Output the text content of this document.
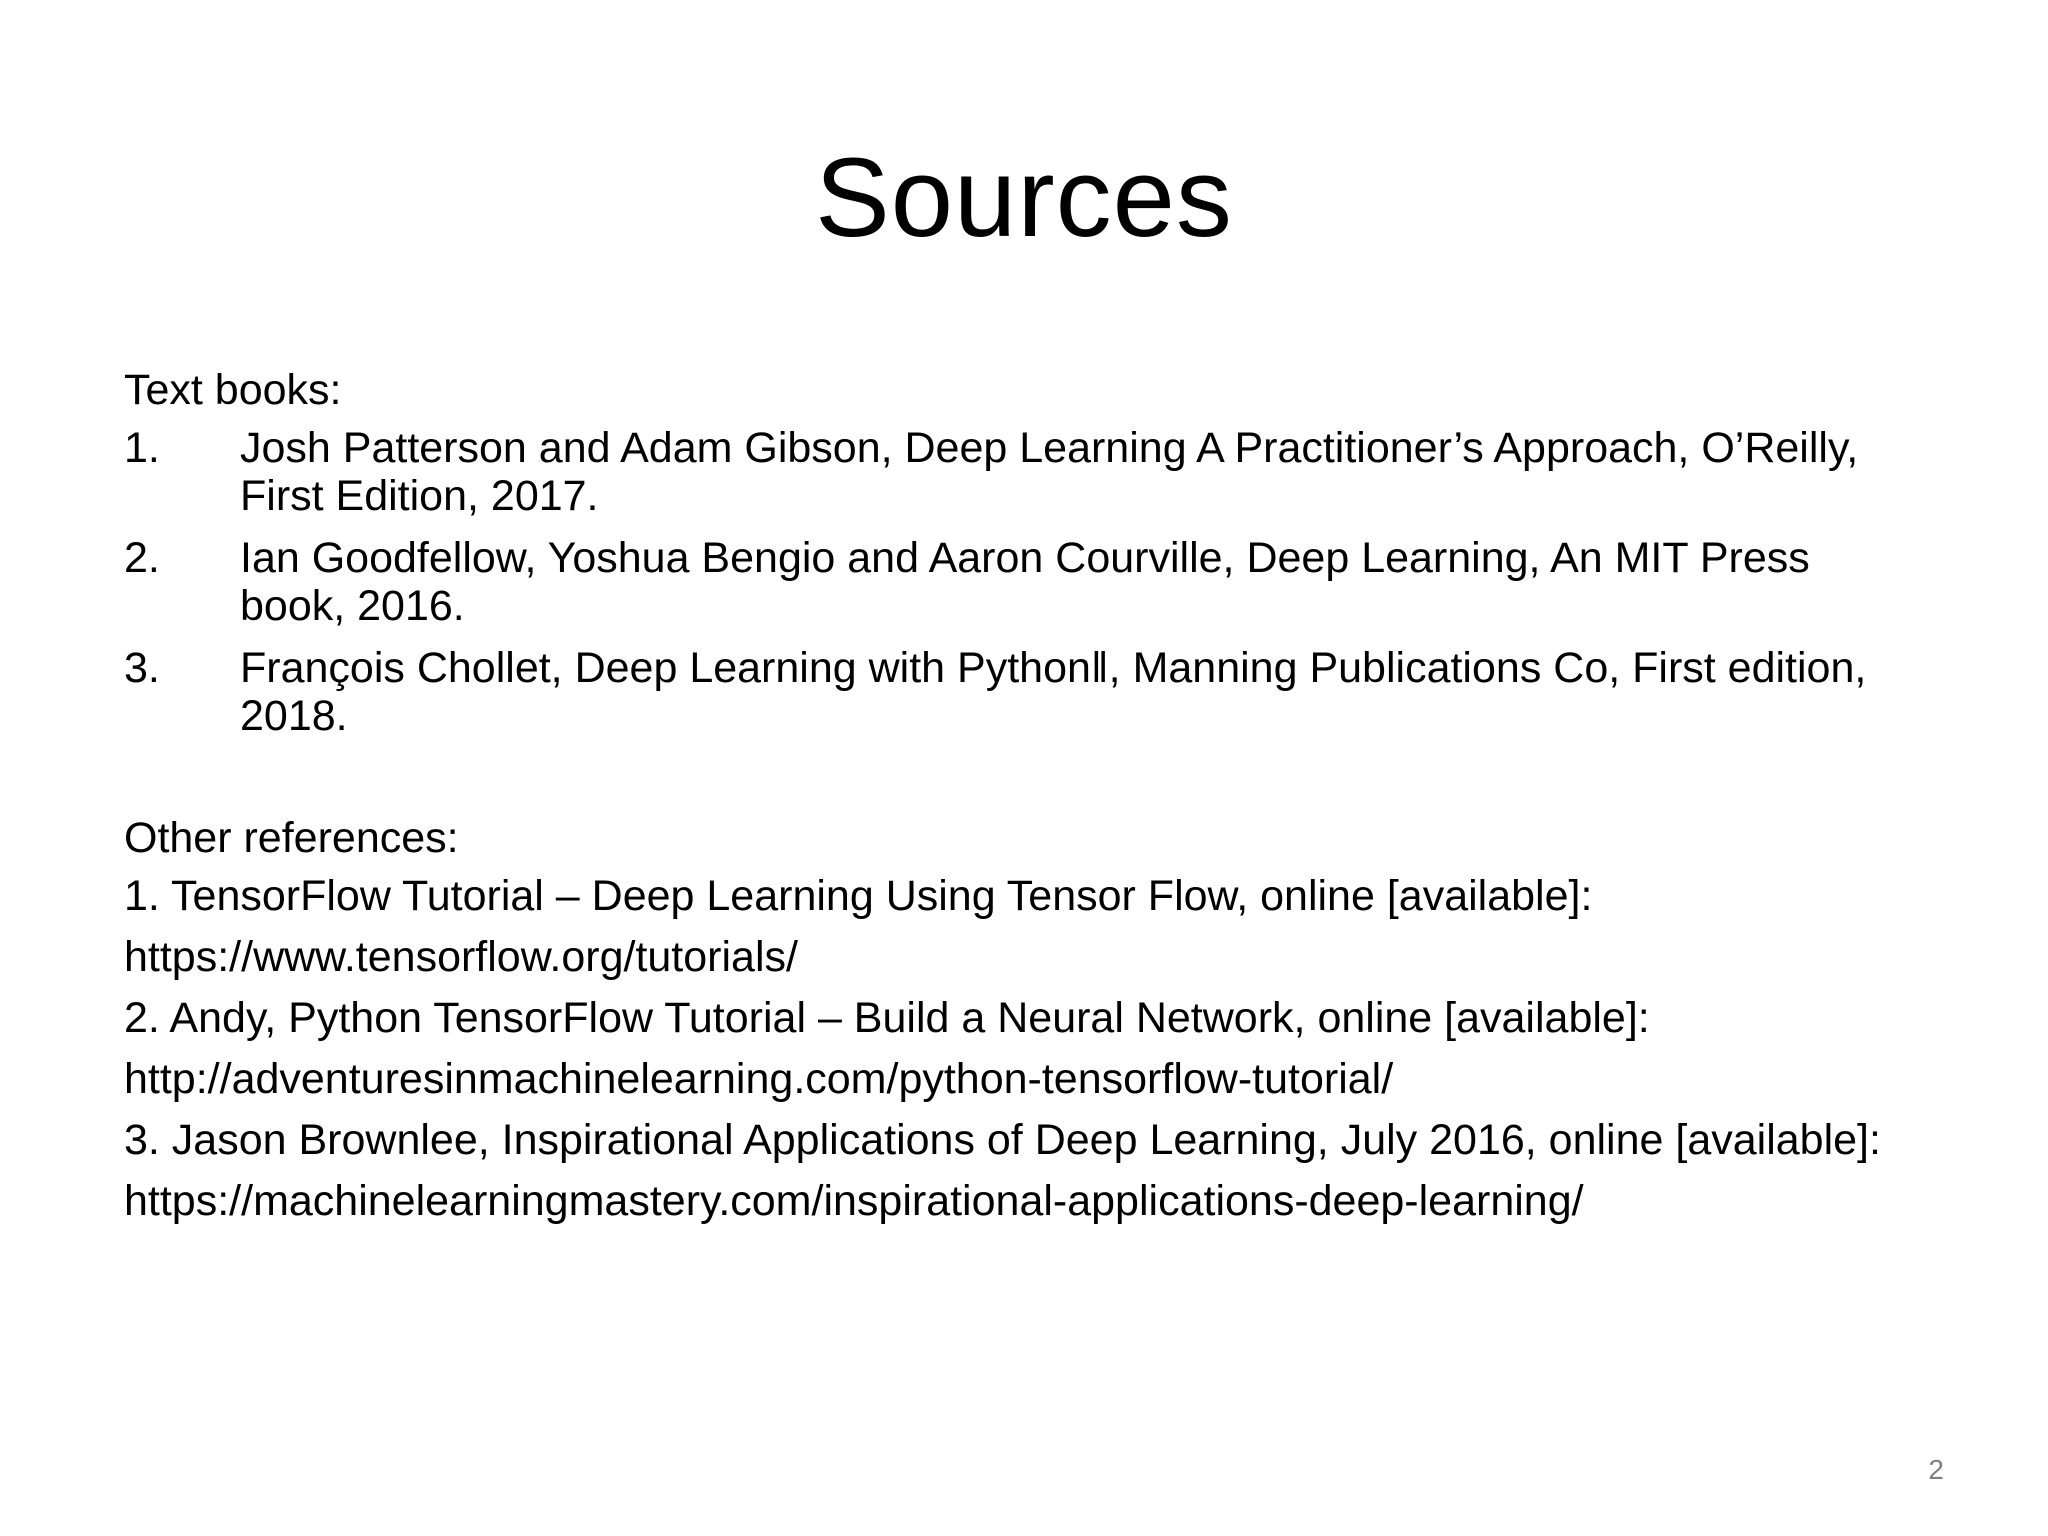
Sources
Text books:
1.	Josh Patterson and Adam Gibson, Deep Learning A Practitioner’s Approach, O’Reilly, First Edition, 2017.
2.	Ian Goodfellow, Yoshua Bengio and Aaron Courville, Deep Learning, An MIT Press book, 2016.
3.	François Chollet, Deep Learning with Python‖, Manning Publications Co, First edition, 2018.
Other references:
1. TensorFlow Tutorial – Deep Learning Using Tensor Flow, online [available]:
https://www.tensorflow.org/tutorials/
2. Andy, Python TensorFlow Tutorial – Build a Neural Network, online [available]:
http://adventuresinmachinelearning.com/python-tensorflow-tutorial/
3. Jason Brownlee, Inspirational Applications of Deep Learning, July 2016, online [available]:
https://machinelearningmastery.com/inspirational-applications-deep-learning/
2
